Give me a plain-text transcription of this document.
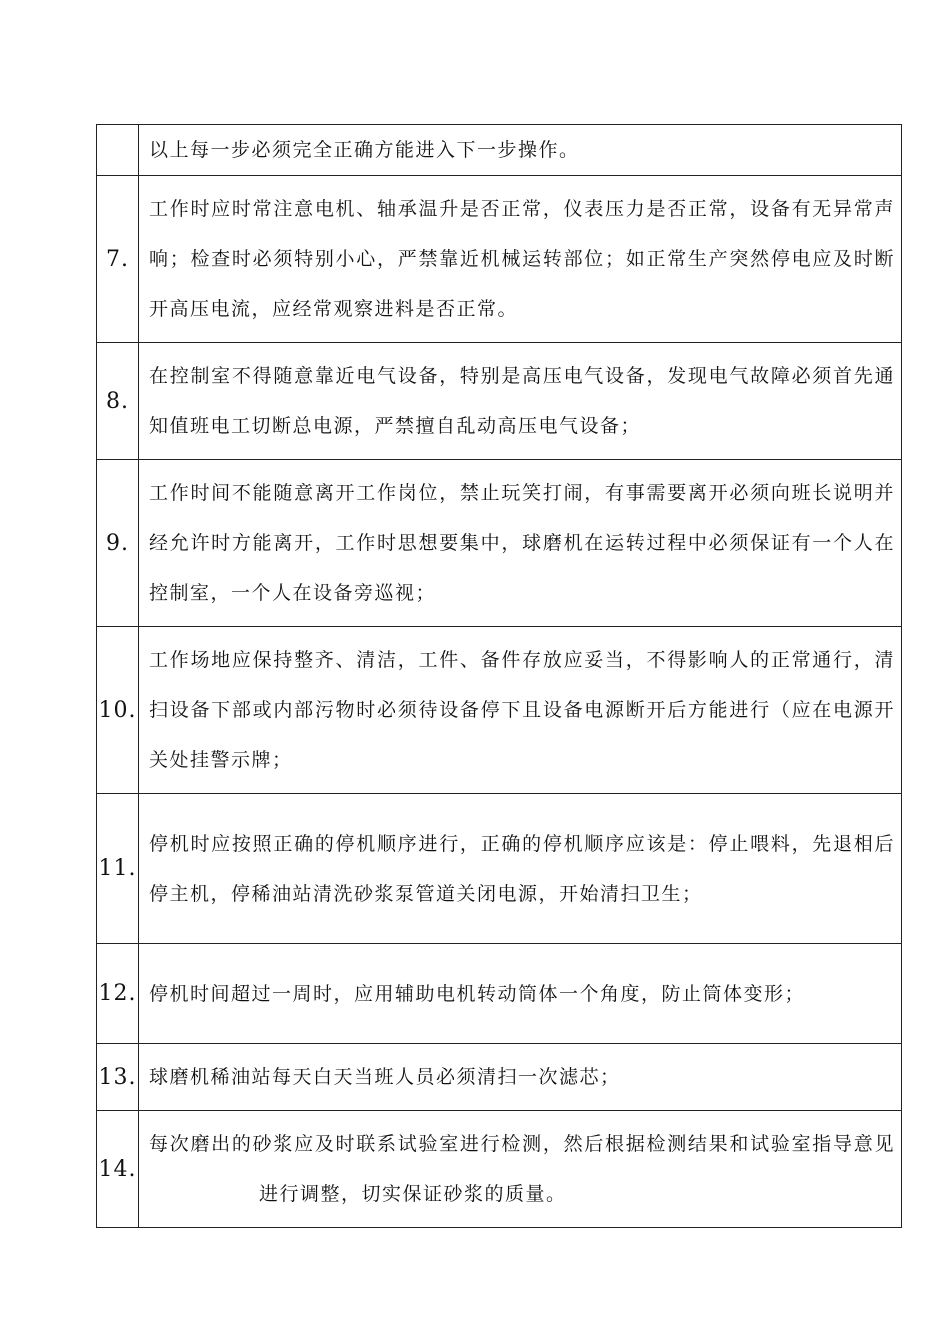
	以上每一步必须完全正确方能进入下一步操作。
7.	工作时应时常注意电机、轴承温升是否正常，仪表压力是否正常，设备有无异常声响；检查时必须特别小心，严禁靠近机械运转部位；如正常生产突然停电应及时断开高压电流，应经常观察进料是否正常。
8.	在控制室不得随意靠近电气设备，特别是高压电气设备，发现电气故障必须首先通知值班电工切断总电源，严禁擅自乱动高压电气设备；
9.	工作时间不能随意离开工作岗位，禁止玩笑打闹，有事需要离开必须向班长说明并经允许时方能离开，工作时思想要集中，球磨机在运转过程中必须保证有一个人在控制室，一个人在设备旁巡视；
10.	工作场地应保持整齐、清洁，工件、备件存放应妥当，不得影响人的正常通行，清扫设备下部或内部污物时必须待设备停下且设备电源断开后方能进行（应在电源开关处挂警示牌；
11.	停机时应按照正确的停机顺序进行，正确的停机顺序应该是：停止喂料，先退相后停主机，停稀油站清洗砂浆泵管道关闭电源，开始清扫卫生；
12.	停机时间超过一周时，应用辅助电机转动筒体一个角度，防止筒体变形；
13.	球磨机稀油站每天白天当班人员必须清扫一次滤芯；
14.	每次磨出的砂浆应及时联系试验室进行检测，然后根据检测结果和试验室指导意见进行调整，切实保证砂浆的质量。
